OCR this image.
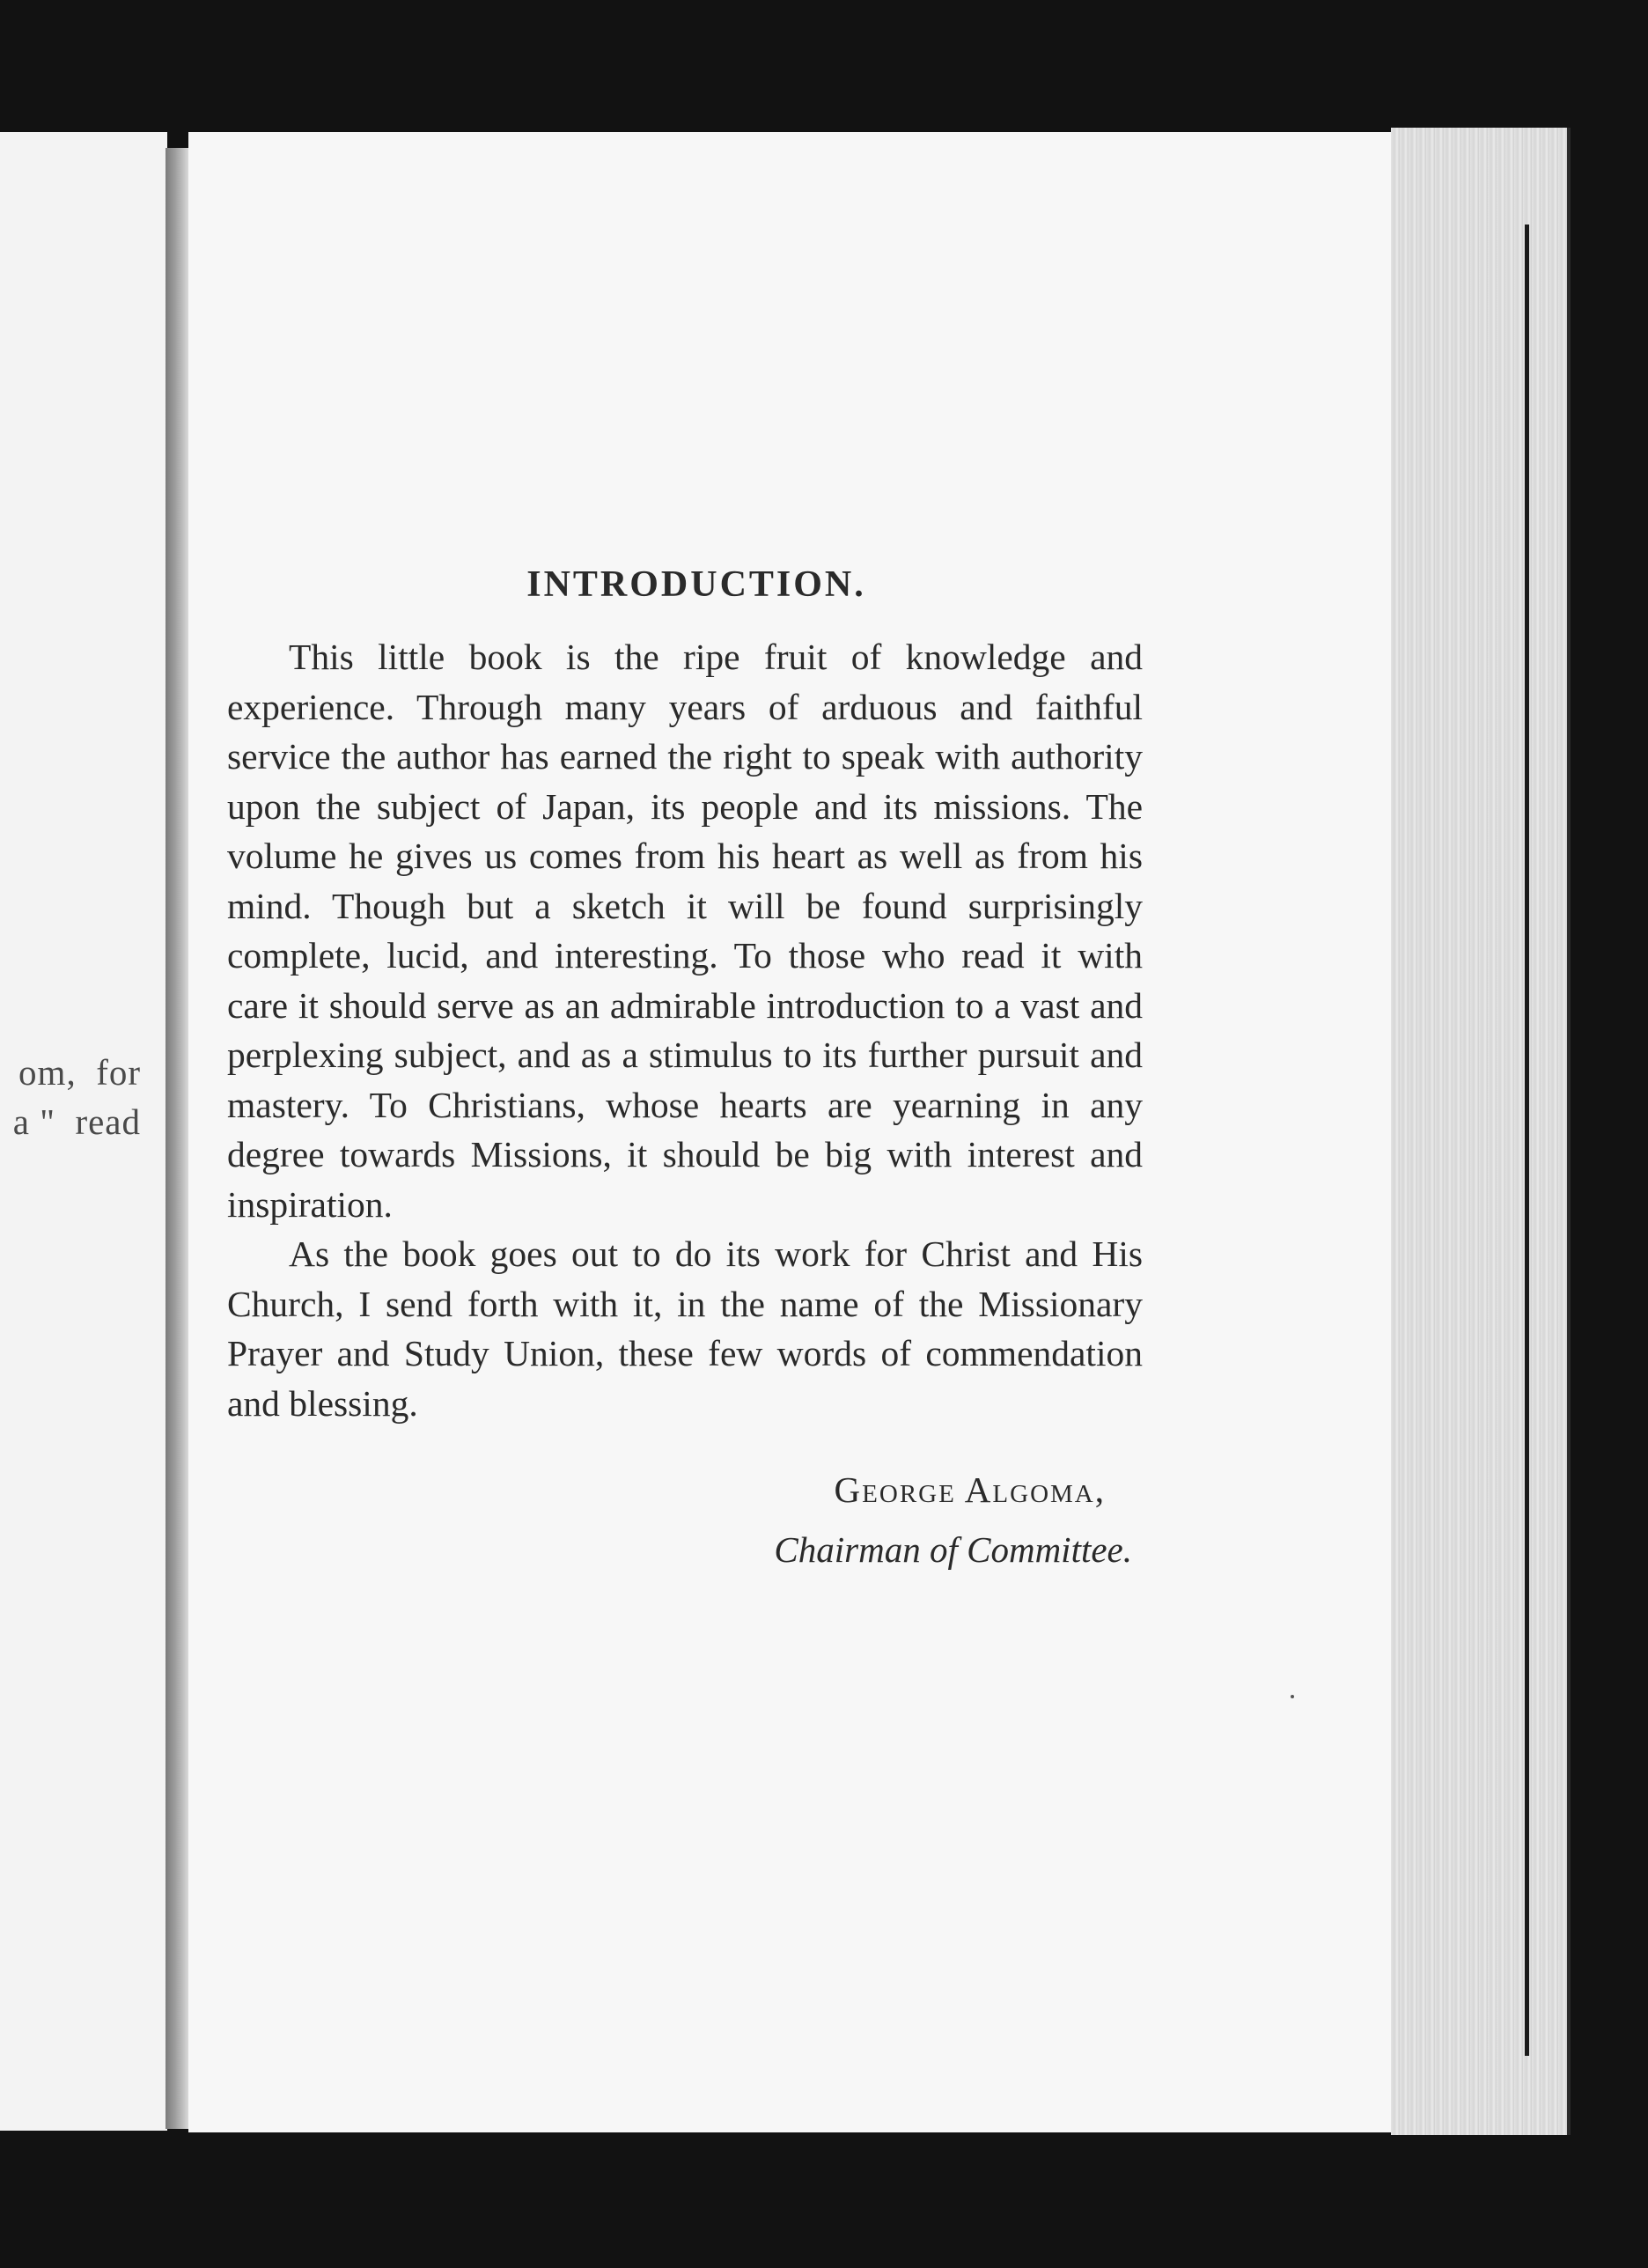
om,  for
a "  read
INTRODUCTION.

This little book is the ripe fruit of knowledge and experience. Through many years of arduous and faithful service the author has earned the right to speak with authority upon the subject of Japan, its people and its missions. The volume he gives us comes from his heart as well as from his mind. Though but a sketch it will be found surprisingly complete, lucid, and interesting. To those who read it with care it should serve as an admirable introduction to a vast and perplexing subject, and as a stimulus to its further pursuit and mastery. To Christians, whose hearts are yearning in any degree towards Missions, it should be big with interest and inspiration.

As the book goes out to do its work for Christ and His Church, I send forth with it, in the name of the Missionary Prayer and Study Union, these few words of commendation and blessing.

George Algoma,
Chairman of Committee.
